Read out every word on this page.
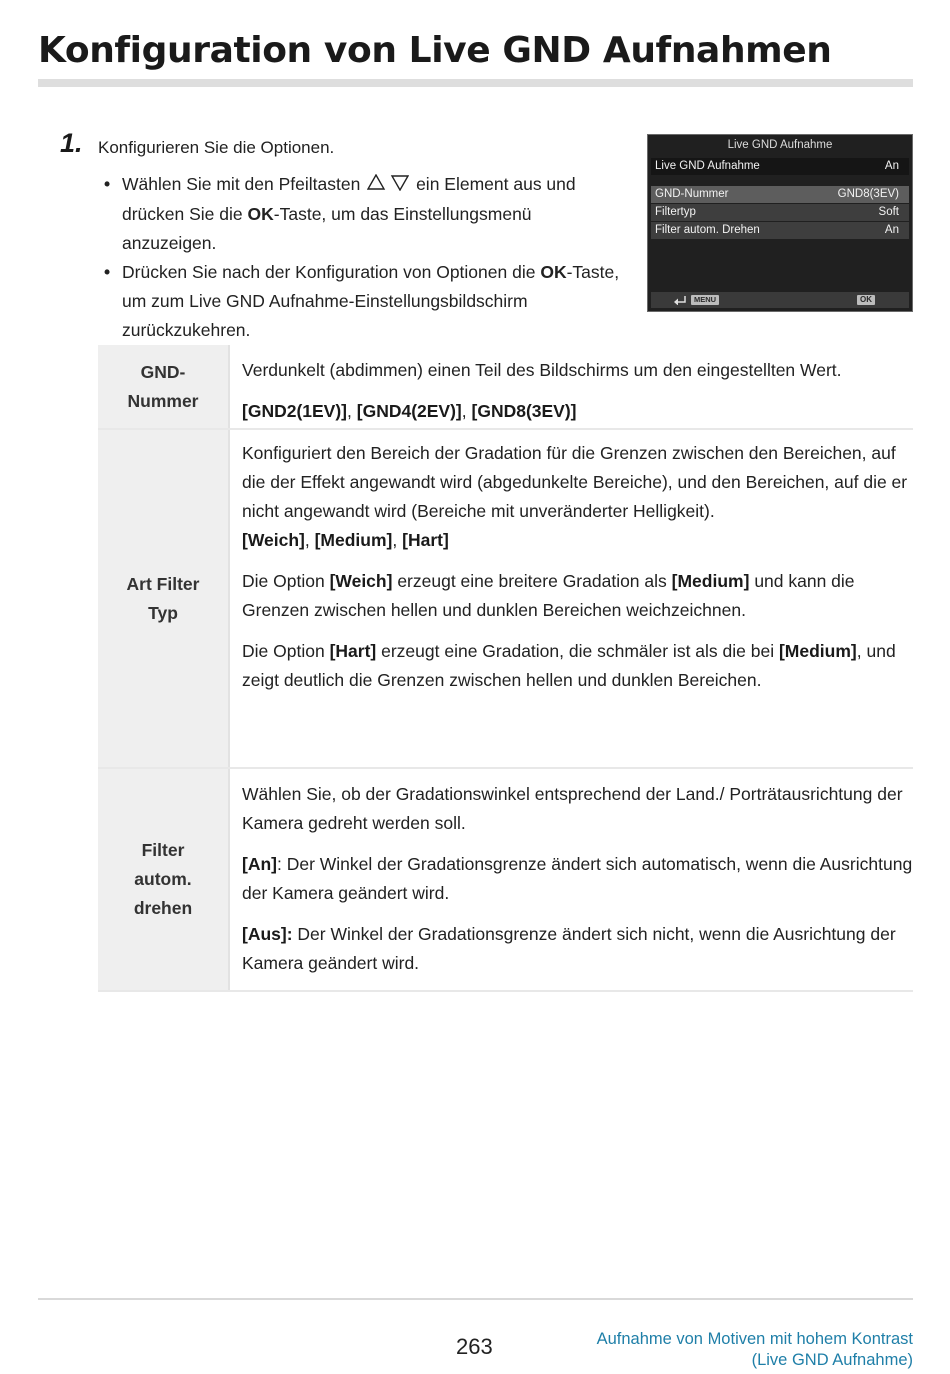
Konfiguration von Live GND Aufnahmen
1. Konfigurieren Sie die Optionen.
• Wählen Sie mit den Pfeiltasten	ein Element aus und drücken Sie die OK-Taste, um das Einstellungsmenü anzuzeigen.
• Drücken Sie nach der Konfiguration von Optionen die OK-Taste, um zum Live GND Aufnahme-Einstellungsbildschirm zurückzukehren.
Live GND Aufnahme
Live GND Aufnahme	An
GND-Nummer	GND8(3EV)
Filtertyp	Soft
Filter autom. Drehen	An
MENU	OK
GND-
Nummer

Verdunkelt (abdimmen) einen Teil des Bildschirms um den eingestellten Wert.

[GND2(1EV)], [GND4(2EV)], [GND8(3EV)]

Art Filter
Typ
Konfiguriert den Bereich der Gradation für die Grenzen zwischen den Bereichen, auf die der Effekt angewandt wird (abgedunkelte Bereiche), und den Bereichen, auf die er nicht angewandt wird (Bereiche mit unveränderter Helligkeit).

[Weich], [Medium], [Hart]

Die Option [Weich] erzeugt eine breitere Gradation als [Medium] und kann die Grenzen zwischen hellen und dunklen Bereichen weichzeichnen.

Die Option [Hart] erzeugt eine Gradation, die schmäler ist als die bei [Medium], und zeigt deutlich die Grenzen zwischen hellen und dunklen Bereichen.

Filter
autom.
drehen

Wählen Sie, ob der Gradationswinkel entsprechend der Land./ Porträtausrichtung der Kamera gedreht werden soll.

[An]: Der Winkel der Gradationsgrenze ändert sich automatisch, wenn die Ausrichtung der Kamera geändert wird.

[Aus]: Der Winkel der Gradationsgrenze ändert sich nicht, wenn die Ausrichtung der Kamera geändert wird.

263	Aufnahme von Motiven mit hohem Kontrast
(Live GND Aufnahme)
